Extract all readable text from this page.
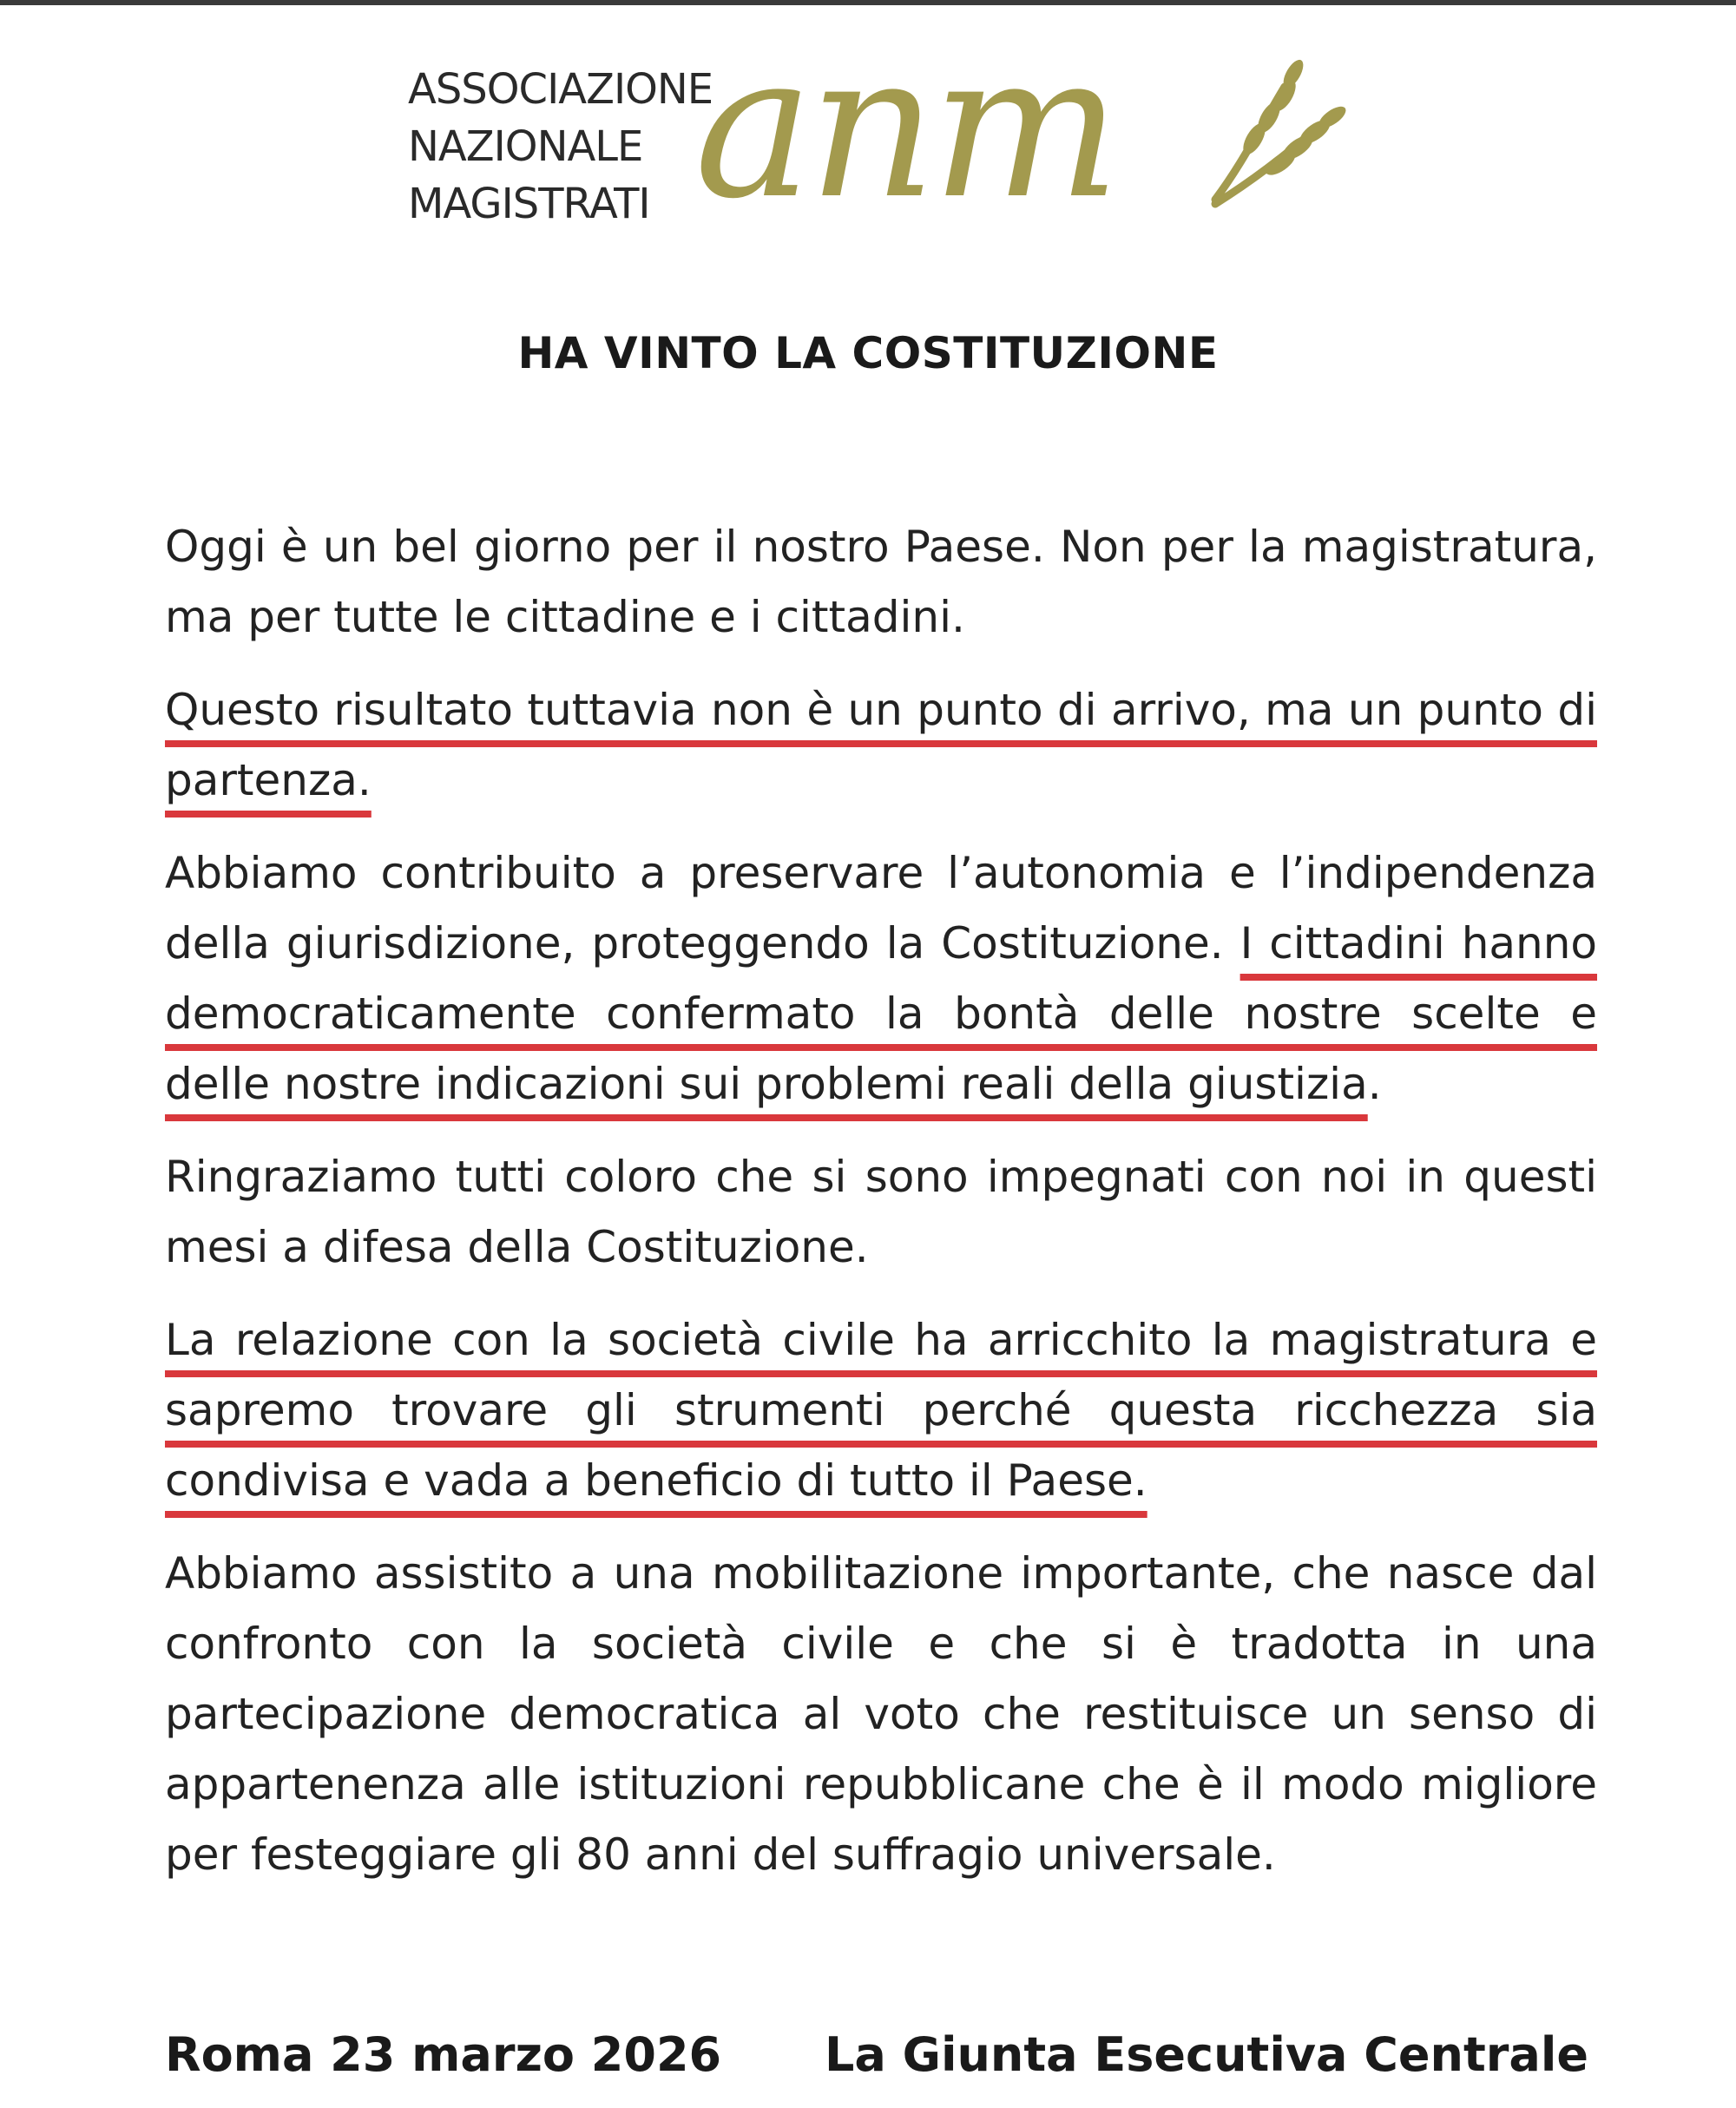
ASSOCIAZIONE
NAZIONALE
MAGISTRATI anm
HA VINTO LA COSTITUZIONE

Oggi è un bel giorno per il nostro Paese. Non per la magistratura, ma per tutte le cittadine e i cittadini.

Questo risultato tuttavia non è un punto di arrivo, ma un punto di partenza.

Abbiamo contribuito a preservare l’autonomia e l’indipendenza della giurisdizione, proteggendo la Costituzione. I cittadini hanno democraticamente confermato la bontà delle nostre scelte e delle nostre indicazioni sui problemi reali della giustizia.

Ringraziamo tutti coloro che si sono impegnati con noi in questi mesi a difesa della Costituzione.

La relazione con la società civile ha arricchito la magistratura e sapremo trovare gli strumenti perché questa ricchezza sia condivisa e vada a beneficio di tutto il Paese.

Abbiamo assistito a una mobilitazione importante, che nasce dal confronto con la società civile e che si è tradotta in una partecipazione democratica al voto che restituisce un senso di appartenenza alle istituzioni repubblicane che è il modo migliore per festeggiare gli 80 anni del suffragio universale.

Roma 23 marzo 2026 La Giunta Esecutiva Centrale
